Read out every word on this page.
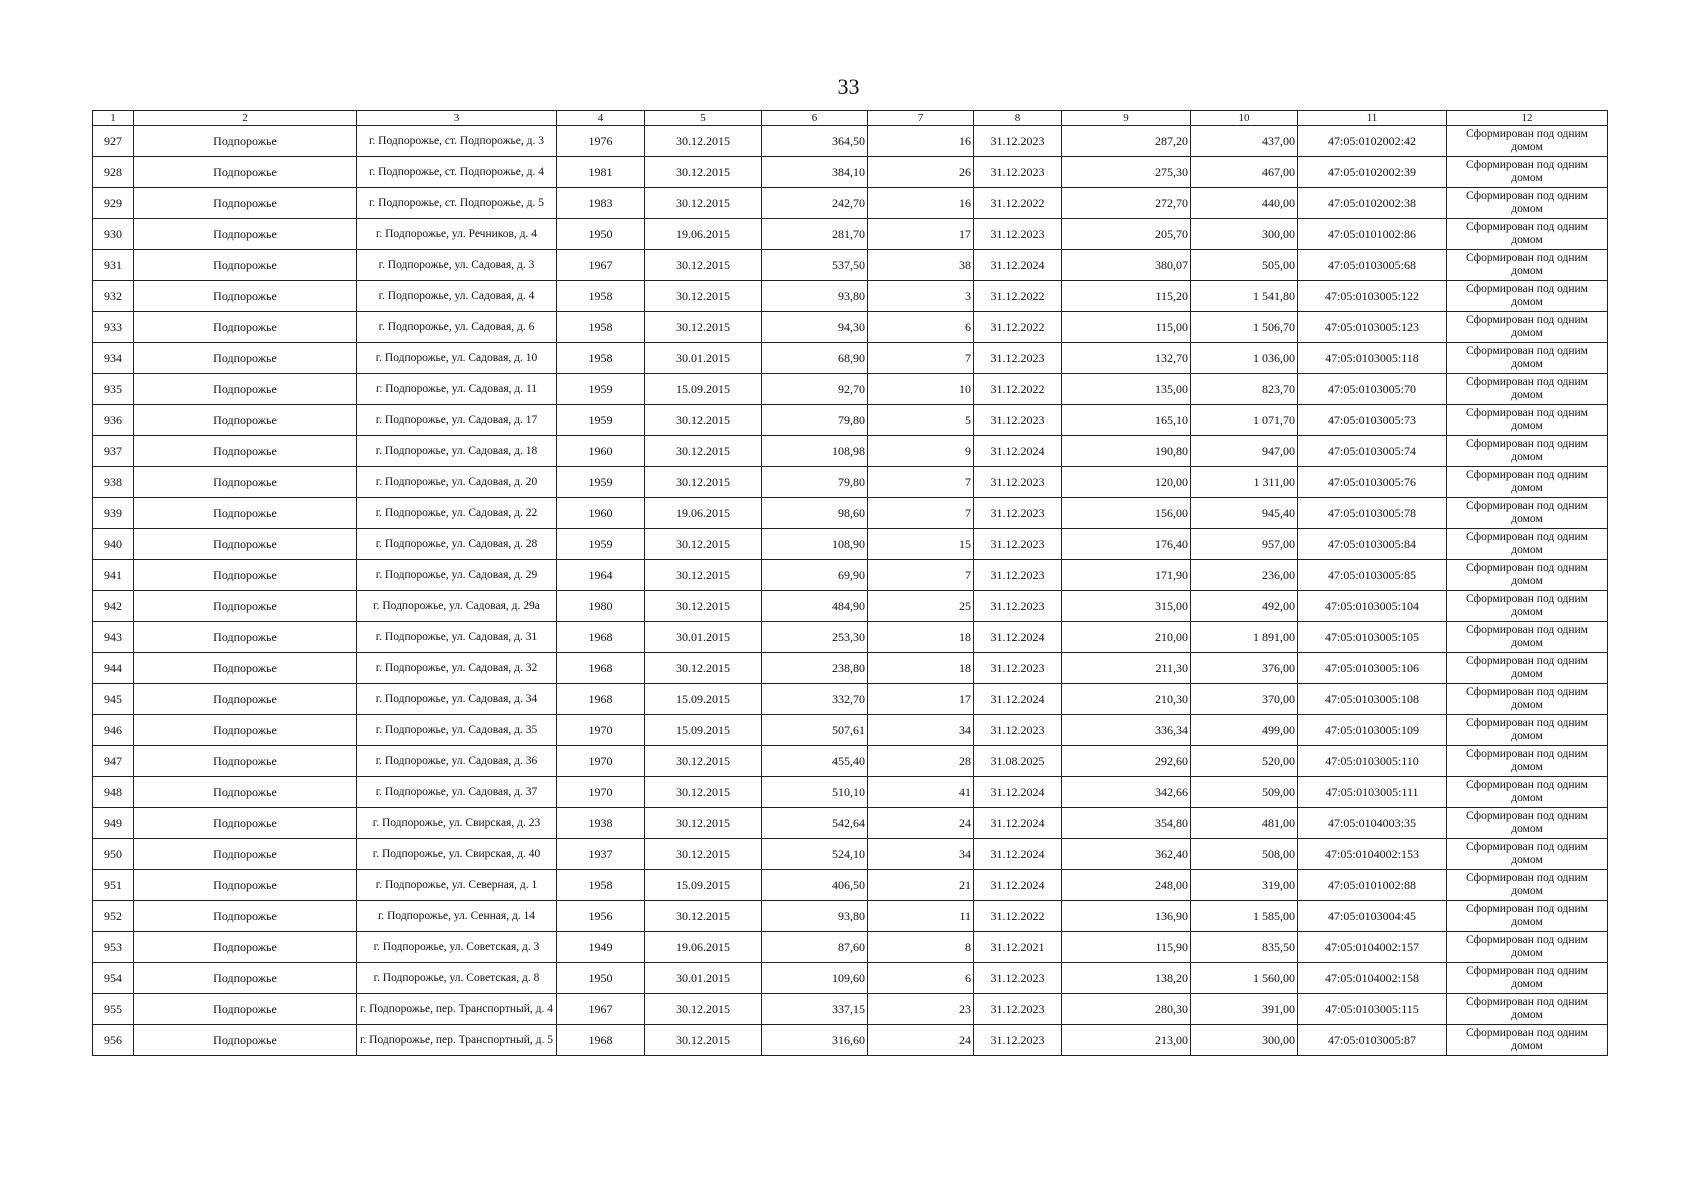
33
1	2	3	4	5	6	7	8	9	10	11	12
927	Подпорожье	г. Подпорожье, ст. Подпорожье, д. 3	1976	30.12.2015	364,50	16	31.12.2023	287,20	437,00	47:05:0102002:42	Сформирован под одним домом
928	Подпорожье	г. Подпорожье, ст. Подпорожье, д. 4	1981	30.12.2015	384,10	26	31.12.2023	275,30	467,00	47:05:0102002:39	Сформирован под одним домом
929	Подпорожье	г. Подпорожье, ст. Подпорожье, д. 5	1983	30.12.2015	242,70	16	31.12.2022	272,70	440,00	47:05:0102002:38	Сформирован под одним домом
930	Подпорожье	г. Подпорожье, ул. Речников, д. 4	1950	19.06.2015	281,70	17	31.12.2023	205,70	300,00	47:05:0101002:86	Сформирован под одним домом
931	Подпорожье	г. Подпорожье, ул. Садовая, д. 3	1967	30.12.2015	537,50	38	31.12.2024	380,07	505,00	47:05:0103005:68	Сформирован под одним домом
932	Подпорожье	г. Подпорожье, ул. Садовая, д. 4	1958	30.12.2015	93,80	3	31.12.2022	115,20	1 541,80	47:05:0103005:122	Сформирован под одним домом
933	Подпорожье	г. Подпорожье, ул. Садовая, д. 6	1958	30.12.2015	94,30	6	31.12.2022	115,00	1 506,70	47:05:0103005:123	Сформирован под одним домом
934	Подпорожье	г. Подпорожье, ул. Садовая, д. 10	1958	30.01.2015	68,90	7	31.12.2023	132,70	1 036,00	47:05:0103005:118	Сформирован под одним домом
935	Подпорожье	г. Подпорожье, ул. Садовая, д. 11	1959	15.09.2015	92,70	10	31.12.2022	135,00	823,70	47:05:0103005:70	Сформирован под одним домом
936	Подпорожье	г. Подпорожье, ул. Садовая, д. 17	1959	30.12.2015	79,80	5	31.12.2023	165,10	1 071,70	47:05:0103005:73	Сформирован под одним домом
937	Подпорожье	г. Подпорожье, ул. Садовая, д. 18	1960	30.12.2015	108,98	9	31.12.2024	190,80	947,00	47:05:0103005:74	Сформирован под одним домом
938	Подпорожье	г. Подпорожье, ул. Садовая, д. 20	1959	30.12.2015	79,80	7	31.12.2023	120,00	1 311,00	47:05:0103005:76	Сформирован под одним домом
939	Подпорожье	г. Подпорожье, ул. Садовая, д. 22	1960	19.06.2015	98,60	7	31.12.2023	156,00	945,40	47:05:0103005:78	Сформирован под одним домом
940	Подпорожье	г. Подпорожье, ул. Садовая, д. 28	1959	30.12.2015	108,90	15	31.12.2023	176,40	957,00	47:05:0103005:84	Сформирован под одним домом
941	Подпорожье	г. Подпорожье, ул. Садовая, д. 29	1964	30.12.2015	69,90	7	31.12.2023	171,90	236,00	47:05:0103005:85	Сформирован под одним домом
942	Подпорожье	г. Подпорожье, ул. Садовая, д. 29а	1980	30.12.2015	484,90	25	31.12.2023	315,00	492,00	47:05:0103005:104	Сформирован под одним домом
943	Подпорожье	г. Подпорожье, ул. Садовая, д. 31	1968	30.01.2015	253,30	18	31.12.2024	210,00	1 891,00	47:05:0103005:105	Сформирован под одним домом
944	Подпорожье	г. Подпорожье, ул. Садовая, д. 32	1968	30.12.2015	238,80	18	31.12.2023	211,30	376,00	47:05:0103005:106	Сформирован под одним домом
945	Подпорожье	г. Подпорожье, ул. Садовая, д. 34	1968	15.09.2015	332,70	17	31.12.2024	210,30	370,00	47:05:0103005:108	Сформирован под одним домом
946	Подпорожье	г. Подпорожье, ул. Садовая, д. 35	1970	15.09.2015	507,61	34	31.12.2023	336,34	499,00	47:05:0103005:109	Сформирован под одним домом
947	Подпорожье	г. Подпорожье, ул. Садовая, д. 36	1970	30.12.2015	455,40	28	31.08.2025	292,60	520,00	47:05:0103005:110	Сформирован под одним домом
948	Подпорожье	г. Подпорожье, ул. Садовая, д. 37	1970	30.12.2015	510,10	41	31.12.2024	342,66	509,00	47:05:0103005:111	Сформирован под одним домом
949	Подпорожье	г. Подпорожье, ул. Свирская, д. 23	1938	30.12.2015	542,64	24	31.12.2024	354,80	481,00	47:05:0104003:35	Сформирован под одним домом
950	Подпорожье	г. Подпорожье, ул. Свирская, д. 40	1937	30.12.2015	524,10	34	31.12.2024	362,40	508,00	47:05:0104002:153	Сформирован под одним домом
951	Подпорожье	г. Подпорожье, ул. Северная, д. 1	1958	15.09.2015	406,50	21	31.12.2024	248,00	319,00	47:05:0101002:88	Сформирован под одним домом
952	Подпорожье	г. Подпорожье, ул. Сенная, д. 14	1956	30.12.2015	93,80	11	31.12.2022	136,90	1 585,00	47:05:0103004:45	Сформирован под одним домом
953	Подпорожье	г. Подпорожье, ул. Советская, д. 3	1949	19.06.2015	87,60	8	31.12.2021	115,90	835,50	47:05:0104002:157	Сформирован под одним домом
954	Подпорожье	г. Подпорожье, ул. Советская, д. 8	1950	30.01.2015	109,60	6	31.12.2023	138,20	1 560,00	47:05:0104002:158	Сформирован под одним домом
955	Подпорожье	г. Подпорожье, пер. Транспортный, д. 4	1967	30.12.2015	337,15	23	31.12.2023	280,30	391,00	47:05:0103005:115	Сформирован под одним домом
956	Подпорожье	г. Подпорожье, пер. Транспортный, д. 5	1968	30.12.2015	316,60	24	31.12.2023	213,00	300,00	47:05:0103005:87	Сформирован под одним домом
